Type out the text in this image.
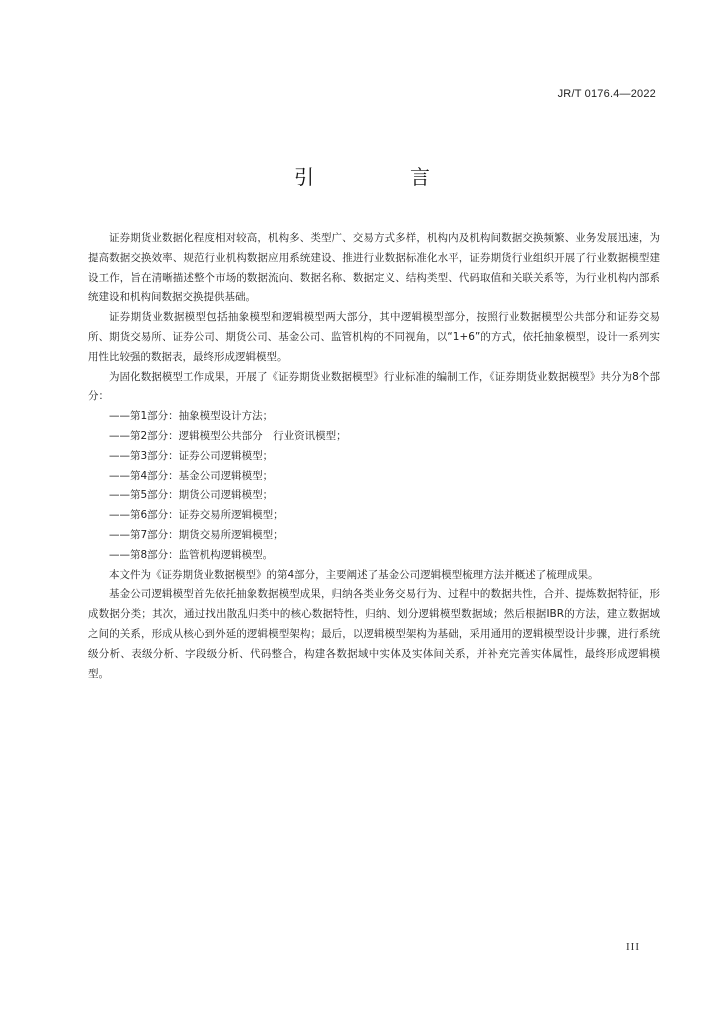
JR/T 0176.4—2022
引　言

证券期货业数据化程度相对较高，机构多、类型广、交易方式多样，机构内及机构间数据交换频繁、业务发展迅速，为提高数据交换效率、规范行业机构数据应用系统建设、推进行业数据标准化水平，证券期货行业组织开展了行业数据模型建设工作，旨在清晰描述整个市场的数据流向、数据名称、数据定义、结构类型、代码取值和关联关系等，为行业机构内部系统建设和机构间数据交换提供基础。

证券期货业数据模型包括抽象模型和逻辑模型两大部分，其中逻辑模型部分，按照行业数据模型公共部分和证券交易所、期货交易所、证券公司、期货公司、基金公司、监管机构的不同视角，以“1+6”的方式，依托抽象模型，设计一系列实用性比较强的数据表，最终形成逻辑模型。

为固化数据模型工作成果，开展了《证券期货业数据模型》行业标准的编制工作，《证券期货业数据模型》共分为8个部分：

——第1部分：抽象模型设计方法；

——第2部分：逻辑模型公共部分　行业资讯模型；

——第3部分：证券公司逻辑模型；

——第4部分：基金公司逻辑模型；

——第5部分：期货公司逻辑模型；

——第6部分：证券交易所逻辑模型；

——第7部分：期货交易所逻辑模型；

——第8部分：监管机构逻辑模型。

本文件为《证券期货业数据模型》的第4部分，主要阐述了基金公司逻辑模型梳理方法并概述了梳理成果。

基金公司逻辑模型首先依托抽象数据模型成果，归纳各类业务交易行为、过程中的数据共性，合并、提炼数据特征，形成数据分类；其次，通过找出散乱归类中的核心数据特性，归纳、划分逻辑模型数据域；然后根据IBR的方法，建立数据域之间的关系，形成从核心到外延的逻辑模型架构；最后，以逻辑模型架构为基础，采用通用的逻辑模型设计步骤，进行系统级分析、表级分析、字段级分析、代码整合，构建各数据域中实体及实体间关系，并补充完善实体属性，最终形成逻辑模型。

III
